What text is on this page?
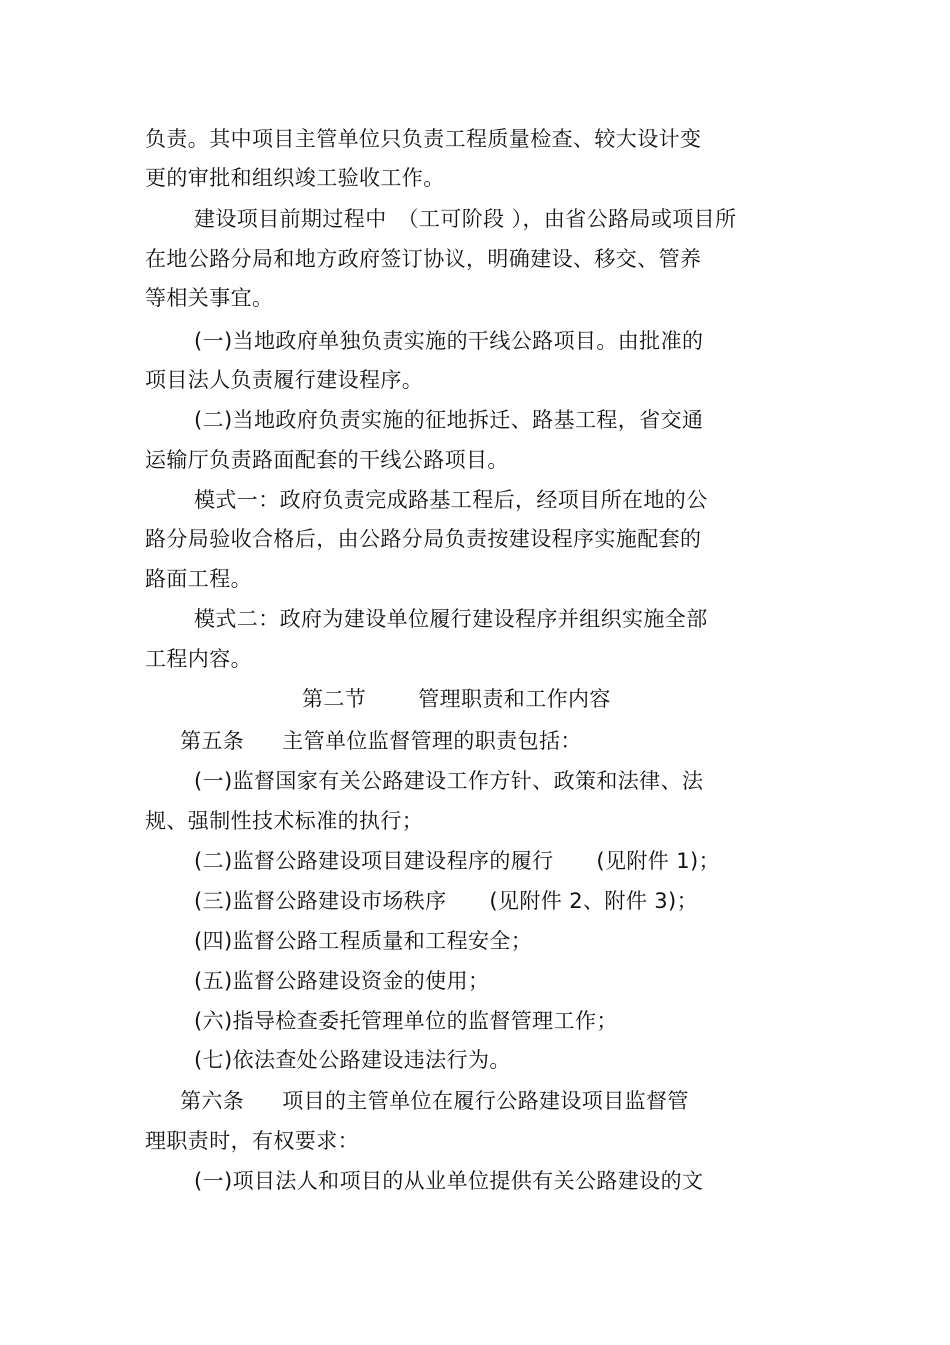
负责。其中项目主管单位只负责工程质量检查、较大设计变
更的审批和组织竣工验收工作。
建设项目前期过程中　（工可阶段 ），由省公路局或项目所
在地公路分局和地方政府签订协议，明确建设、移交、管养
等相关事宜。
(一)当地政府单独负责实施的干线公路项目。由批准的
项目法人负责履行建设程序。
(二)当地政府负责实施的征地拆迁、路基工程，省交通
运输厅负责路面配套的干线公路项目。
模式一：政府负责完成路基工程后，经项目所在地的公
路分局验收合格后，由公路分局负责按建设程序实施配套的
路面工程。
模式二：政府为建设单位履行建设程序并组织实施全部
工程内容。
第二节 管理职责和工作内容
第五条 主管单位监督管理的职责包括：
(一)监督国家有关公路建设工作方针、政策和法律、法
规、强制性技术标准的执行；
(二)监督公路建设项目建设程序的履行　　(见附件 1)；
(三)监督公路建设市场秩序　　(见附件 2、附件 3)；
(四)监督公路工程质量和工程安全；
(五)监督公路建设资金的使用；
(六)指导检查委托管理单位的监督管理工作；
(七)依法查处公路建设违法行为。
第六条 项目的主管单位在履行公路建设项目监督管
理职责时，有权要求：
(一)项目法人和项目的从业单位提供有关公路建设的文
